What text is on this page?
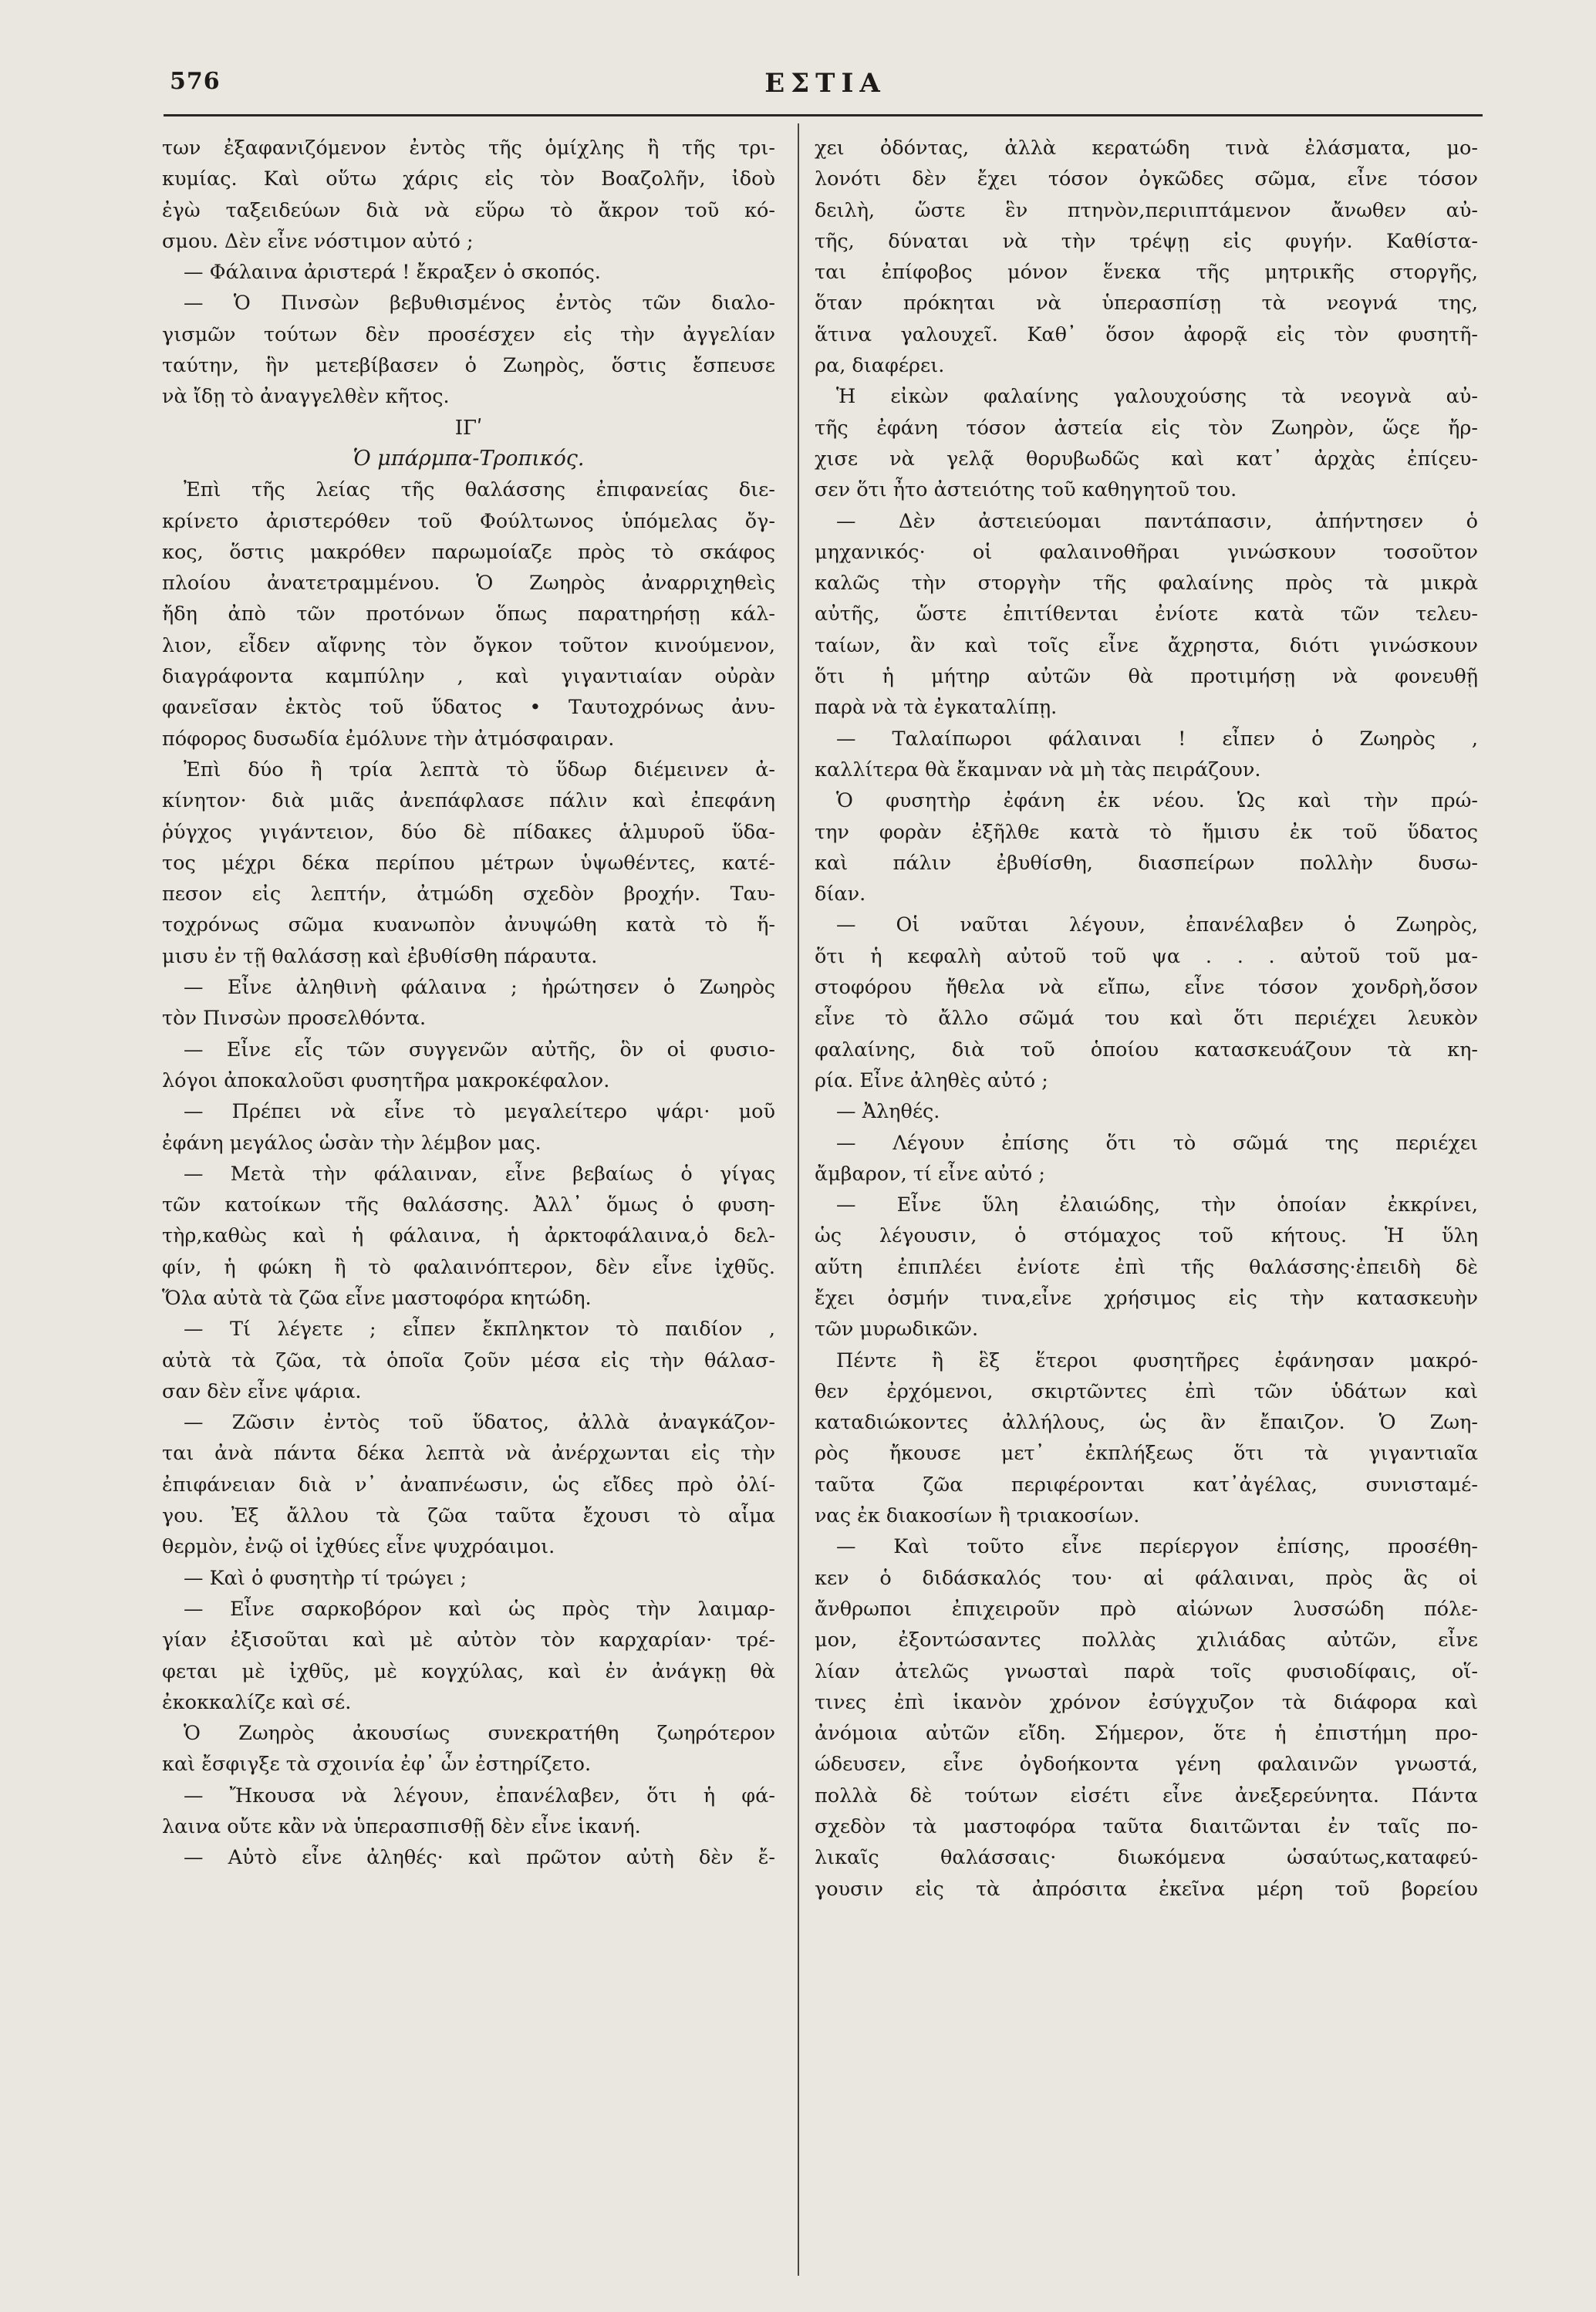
576	ΕΣΤΙΑ
των ἐξαφανιζόμενον ἐντὸς τῆς ὁμίχλης ἢ τῆς τρι-
κυμίας. Καὶ οὕτω χάρις εἰς τὸν Βοαζολῆν, ἰδοὺ
ἐγὼ ταξειδεύων διὰ νὰ εὕρω τὸ ἄκρον τοῦ κό-
σμου. Δὲν εἶνε νόστιμον αὐτό ;
— Φάλαινα ἀριστερά ! ἔκραξεν ὁ σκοπός.
— Ὁ Πινσὼν βεβυθισμένος ἐντὸς τῶν διαλο-
γισμῶν τούτων δὲν προσέσχεν εἰς τὴν ἀγγελίαν
ταύτην, ἣν μετεβίβασεν ὁ Ζωηρὸς, ὅστις ἔσπευσε
νὰ ἴδῃ τὸ ἀναγγελθὲν κῆτος.
ΙΓʹ
Ὁ μπάρμπα-Τροπικός.
Ἐπὶ τῆς λείας τῆς θαλάσσης ἐπιφανείας διε-
κρίνετο ἀριστερόθεν τοῦ Φούλτωνος ὑπόμελας ὄγ-
κος, ὅστις μακρόθεν παρωμοίαζε πρὸς τὸ σκάφος
πλοίου ἀνατετραμμένου. Ὁ Ζωηρὸς ἀναρριχηθεὶς
ἤδη ἀπὸ τῶν προτόνων ὅπως παρατηρήσῃ κάλ-
λιον, εἶδεν αἴφνης τὸν ὄγκον τοῦτον κινούμενον,
διαγράφοντα καμπύλην , καὶ γιγαντιαίαν οὐρὰν
φανεῖσαν ἐκτὸς τοῦ ὕδατος • Ταυτοχρόνως ἀνυ-
πόφορος δυσωδία ἐμόλυνε τὴν ἀτμόσφαιραν.
Ἐπὶ δύο ἢ τρία λεπτὰ τὸ ὕδωρ διέμεινεν ἀ-
κίνητον· διὰ μιᾶς ἀνεπάφλασε πάλιν καὶ ἐπεφάνη
ῥύγχος γιγάντειον, δύο δὲ πίδακες ἁλμυροῦ ὕδα-
τος μέχρι δέκα περίπου μέτρων ὑψωθέντες, κατέ-
πεσον εἰς λεπτήν, ἀτμώδη σχεδὸν βροχήν. Ταυ-
τοχρόνως σῶμα κυανωπὸν ἀνυψώθη κατὰ τὸ ἥ-
μισυ ἐν τῇ θαλάσσῃ καὶ ἐβυθίσθη πάραυτα.
— Εἶνε ἀληθινὴ φάλαινα ; ἠρώτησεν ὁ Ζωηρὸς
τὸν Πινσὼν προσελθόντα.
— Εἶνε εἷς τῶν συγγενῶν αὐτῆς, ὃν οἱ φυσιο-
λόγοι ἀποκαλοῦσι φυσητῆρα μακροκέφαλον.
— Πρέπει νὰ εἶνε τὸ μεγαλείτερο ψάρι· μοῦ
ἐφάνη μεγάλος ὡσὰν τὴν λέμβον μας.
— Μετὰ τὴν φάλαιναν, εἶνε βεβαίως ὁ γίγας
τῶν κατοίκων τῆς θαλάσσης. Ἀλλ᾽ ὅμως ὁ φυση-
τὴρ,καθὼς καὶ ἡ φάλαινα, ἡ ἀρκτοφάλαινα,ὁ δελ-
φίν, ἡ φώκη ἢ τὸ φαλαινόπτερον, δὲν εἶνε ἰχθῦς.
Ὅλα αὐτὰ τὰ ζῶα εἶνε μαστοφόρα κητώδη.
— Τί λέγετε ; εἶπεν ἔκπληκτον τὸ παιδίον ,
αὐτὰ τὰ ζῶα, τὰ ὁποῖα ζοῦν μέσα εἰς τὴν θάλασ-
σαν δὲν εἶνε ψάρια.
— Ζῶσιν ἐντὸς τοῦ ὕδατος, ἀλλὰ ἀναγκάζον-
ται ἀνὰ πάντα δέκα λεπτὰ νὰ ἀνέρχωνται εἰς τὴν
ἐπιφάνειαν διὰ ν᾽ ἀναπνέωσιν, ὡς εἴδες πρὸ ὀλί-
γου. Ἐξ ἄλλου τὰ ζῶα ταῦτα ἔχουσι τὸ αἷμα
θερμὸν, ἐνῷ οἱ ἰχθύες εἶνε ψυχρόαιμοι.
— Καὶ ὁ φυσητὴρ τί τρώγει ;
— Εἶνε σαρκοβόρον καὶ ὡς πρὸς τὴν λαιμαρ-
γίαν ἐξισοῦται καὶ μὲ αὐτὸν τὸν καρχαρίαν· τρέ-
φεται μὲ ἰχθῦς, μὲ κογχύλας, καὶ ἐν ἀνάγκῃ θὰ
ἐκοκκαλίζε καὶ σέ.
Ὁ Ζωηρὸς ἀκουσίως συνεκρατήθη ζωηρότερον
καὶ ἔσφιγξε τὰ σχοινία ἐφ᾽ ὧν ἐστηρίζετο.
— Ἤκουσα νὰ λέγουν, ἐπανέλαβεν, ὅτι ἡ φά-
λαινα οὔτε κἂν νὰ ὑπερασπισθῇ δὲν εἶνε ἱκανή.
— Αὐτὸ εἶνε ἀληθές· καὶ πρῶτον αὐτὴ δὲν ἔ-
χει ὀδόντας, ἀλλὰ κερατώδη τινὰ ἐλάσματα, μο-
λονότι δὲν ἔχει τόσον ὀγκῶδες σῶμα, εἶνε τόσον
δειλὴ, ὥστε ἓν πτηνὸν,περιιπτάμενον ἄνωθεν αὐ-
τῆς, δύναται νὰ τὴν τρέψῃ εἰς φυγήν. Καθίστα-
ται ἐπίφοβος μόνον ἕνεκα τῆς μητρικῆς στοργῆς,
ὅταν πρόκηται νὰ ὑπερασπίσῃ τὰ νεογνά της,
ἅτινα γαλουχεῖ. Καθ᾽ ὅσον ἀφορᾷ εἰς τὸν φυσητῆ-
ρα, διαφέρει.
Ἡ εἰκὼν φαλαίνης γαλουχούσης τὰ νεογνὰ αὐ-
τῆς ἐφάνη τόσον ἀστεία εἰς τὸν Ζωηρὸν, ὥςε ἤρ-
χισε νὰ γελᾷ θορυβωδῶς καὶ κατ᾽ ἀρχὰς ἐπίςευ-
σεν ὅτι ἦτο ἀστειότης τοῦ καθηγητοῦ του.
— Δὲν ἀστειεύομαι παντάπασιν, ἀπήντησεν ὁ
μηχανικός· οἱ φαλαινοθῆραι γινώσκουν τοσοῦτον
καλῶς τὴν στοργὴν τῆς φαλαίνης πρὸς τὰ μικρὰ
αὐτῆς, ὥστε ἐπιτίθενται ἐνίοτε κατὰ τῶν τελευ-
ταίων, ἂν καὶ τοῖς εἶνε ἄχρηστα, διότι γινώσκουν
ὅτι ἡ μήτηρ αὐτῶν θὰ προτιμήσῃ νὰ φονευθῇ
παρὰ νὰ τὰ ἐγκαταλίπῃ.
— Ταλαίπωροι φάλαιναι ! εἶπεν ὁ Ζωηρὸς ,
καλλίτερα θὰ ἔκαμναν νὰ μὴ τὰς πειράζουν.
Ὁ φυσητὴρ ἐφάνη ἐκ νέου. Ὡς καὶ τὴν πρώ-
την φορὰν ἐξῆλθε κατὰ τὸ ἥμισυ ἐκ τοῦ ὕδατος
καὶ πάλιν ἐβυθίσθη, διασπείρων πολλὴν δυσω-
δίαν.
— Οἱ ναῦται λέγουν, ἐπανέλαβεν ὁ Ζωηρὸς,
ὅτι ἡ κεφαλὴ αὐτοῦ τοῦ ψα . . . αὐτοῦ τοῦ μα-
στοφόρου ἤθελα νὰ εἴπω, εἶνε τόσον χονδρὴ,ὅσον
εἶνε τὸ ἄλλο σῶμά του καὶ ὅτι περιέχει λευκὸν
φαλαίνης, διὰ τοῦ ὁποίου κατασκευάζουν τὰ κη-
ρία. Εἶνε ἀληθὲς αὐτό ;
— Ἀληθές.
— Λέγουν ἐπίσης ὅτι τὸ σῶμά της περιέχει
ἄμβαρον, τί εἶνε αὐτό ;
— Εἶνε ὕλη ἐλαιώδης, τὴν ὁποίαν ἐκκρίνει,
ὡς λέγουσιν, ὁ στόμαχος τοῦ κήτους. Ἡ ὕλη
αὕτη ἐπιπλέει ἐνίοτε ἐπὶ τῆς θαλάσσης·ἐπειδὴ δὲ
ἔχει ὀσμήν τινα,εἶνε χρήσιμος εἰς τὴν κατασκευὴν
τῶν μυρωδικῶν.
Πέντε ἢ ἓξ ἕτεροι φυσητῆρες ἐφάνησαν μακρό-
θεν ἐρχόμενοι, σκιρτῶντες ἐπὶ τῶν ὑδάτων καὶ
καταδιώκοντες ἀλλήλους, ὡς ἂν ἔπαιζον. Ὁ Ζωη-
ρὸς ἤκουσε μετ᾽ ἐκπλήξεως ὅτι τὰ γιγαντιαῖα
ταῦτα ζῶα περιφέρονται κατ᾽ἀγέλας, συνισταμέ-
νας ἐκ διακοσίων ἢ τριακοσίων.
— Καὶ τοῦτο εἶνε περίεργον ἐπίσης, προσέθη-
κεν ὁ διδάσκαλός του· αἱ φάλαιναι, πρὸς ἃς οἱ
ἄνθρωποι ἐπιχειροῦν πρὸ αἰώνων λυσσώδη πόλε-
μον, ἐξοντώσαντες πολλὰς χιλιάδας αὐτῶν, εἶνε
λίαν ἀτελῶς γνωσταὶ παρὰ τοῖς φυσιοδίφαις, οἵ-
τινες ἐπὶ ἱκανὸν χρόνον ἐσύγχυζον τὰ διάφορα καὶ
ἀνόμοια αὐτῶν εἴδη. Σήμερον, ὅτε ἡ ἐπιστήμη προ-
ώδευσεν, εἶνε ὀγδοήκοντα γένη φαλαινῶν γνωστά,
πολλὰ δὲ τούτων εἰσέτι εἶνε ἀνεξερεύνητα. Πάντα
σχεδὸν τὰ μαστοφόρα ταῦτα διαιτῶνται ἐν ταῖς πο-
λικαῖς θαλάσσαις· διωκόμενα ὡσαύτως,καταφεύ-
γουσιν εἰς τὰ ἀπρόσιτα ἐκεῖνα μέρη τοῦ βορείου
